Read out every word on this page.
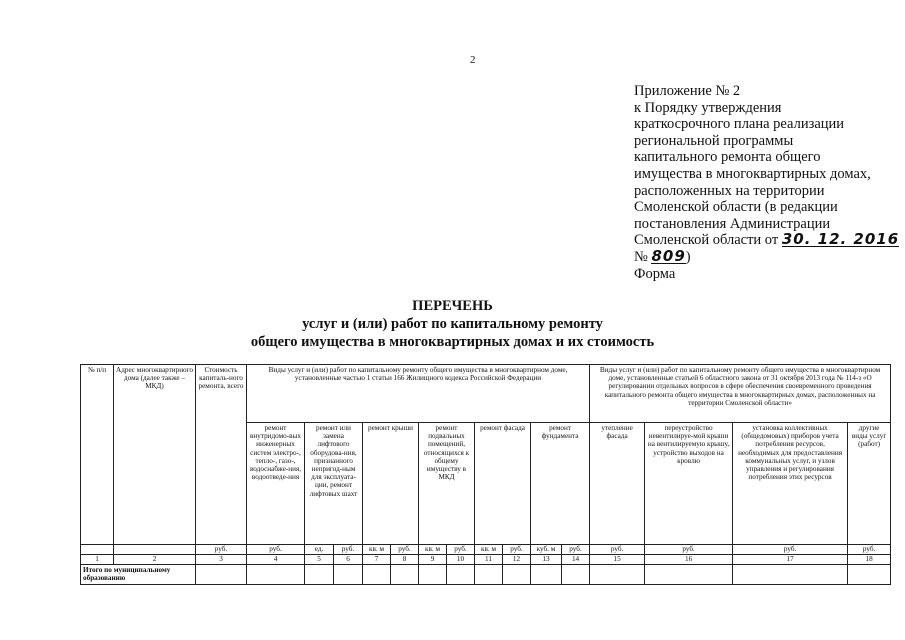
2
Приложение № 2
к Порядку утверждения
краткосрочного плана реализации
региональной программы
капитального ремонта общего
имущества в многоквартирных домах,
расположенных на территории
Смоленской области (в редакции
постановления Администрации
Смоленской области от 30. 12. 2016
№ 809)
Форма
ПЕРЕЧЕНЬ
услуг и (или) работ по капитальному ремонту
общего имущества в многоквартирных домах и их стоимость
№ п/п	Адрес многоквартирного дома (далее также – МКД)	Стоимость капиталь-ного ремонта, всего	Виды услуг и (или) работ по капитальному ремонту общего имущества в многоквартирном доме, установленные частью 1 статьи 166 Жилищного кодекса Российской Федерации											Виды услуг и (или) работ по капитальному ремонту общего имущества в многоквартирном доме, установленные статьей 6 областного закона от 31 октября 2013 года № 114-з «О регулировании отдельных вопросов в сфере обеспечения своевременного проведения капитального ремонта общего имущества в многоквартирных домах, расположенных на территории Смоленской области»			
			ремонт внутридомо-вых инженерных систем электро-, тепло-, газо-, водоснабже-ния, водоотведе-ния	ремонт или замена лифтового оборудова-ния, признанного непригод-ным для эксплуата-ции, ремонт лифтовых шахт		ремонт крыши		ремонт подвальных помещений, относящихся к общему имуществу в МКД		ремонт фасада		ремонт фундамента		утепление фасада	переустройство невентилируе-мой крыши на вентилируемую крышу, устройство выходов на кровлю	установка коллективных (общедомовых) приборов учета потребления ресурсов, необходимых для предоставления коммунальных услуг, и узлов управления и регулирования потребления этих ресурсов	другие виды услуг (работ)
		руб.	руб.	ед.	руб.	кв. м	руб.	кв. м	руб.	кв. м	руб.	куб. м	руб.	руб.	руб.	руб.	руб.
1	2	3	4	5	6	7	8	9	10	11	12	13	14	15	16	17	18
Итого по муниципальному образованию																	
